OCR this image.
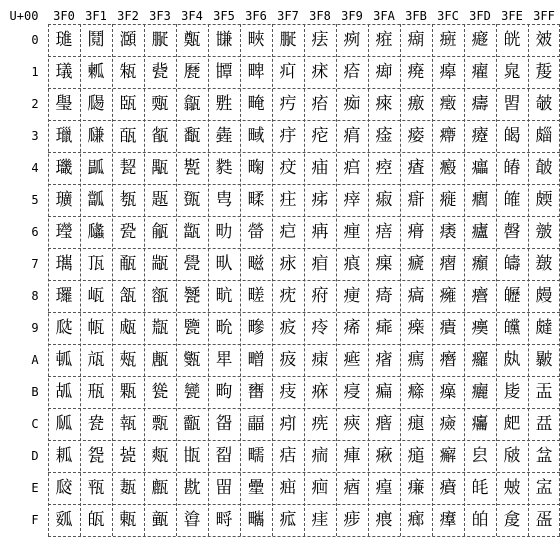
U+00	3F0 3F1 3F2 3F3 3F4 3F5 3F6 3F7 3F8 3F9 3FA 3FB 3FC 3FD 3FE 3FF
0
1
2
3
4
5
6
7
8
9
A
B
C
D
E
F
璡 鬩 㶊 㽰 㽀 㽐 㽠 㽰 㾀 㾐 㾠 㾰 㿀 㿐 㿠 㿰
㼁 㼑 㼡 㼱 㽁 㽑 㽡 㽱 㾁 㾑 㾡 㾱 㿁 㿑 㿡 㿱
㼂 㼒 㼢 㼲 㽂 㽒 㽢 㽲 㾂 㾒 㾢 㾲 㿂 㿒 㿢 㿲
㼃 㼓 㼣 㼳 㽃 㽓 㽣 㽳 㾃 㾓 㾣 㾳 㿃 㿓 㿣 㿳
㼄 㼔 㼤 㼴 㽄 㽔 㽤 㽴 㾄 㾔 㾤 㾴 㿄 㿔 㿤 㿴
㼅 㼕 㼥 㼵 㽅 㽕 㽥 㽵 㾅 㾕 㾥 㾵 㿅 㿕 㿥 㿵
㼆 㼖 㼦 㼶 㽆 㽖 㽦 㽶 㾆 㾖 㾦 㾶 㿆 㿖 㿦 㿶
㼇 㼗 㼧 㼷 㽇 㽗 㽧 㽷 㾇 㾗 㾧 㾷 㿇 㿗 㿧 㿷
㼈 㼘 㼨 㼸 㽈 㽘 㽨 㽸 㾈 㾘 㾨 㾸 㿈 㿘 㿨 㿸
㼉 㼙 㼩 㼹 㽉 㽙 㽩 㽹 㾉 㾙 㾩 㾹 㿉 㿙 㿩 㿹
㼊 㼚 㼪 㼺 㽊 㽚 㽪 㽺 㾊 㾚 㾪 㾺 㿊 㿚 㿪 㿺
㼋 㼛 㼫 㼻 㽋 㽛 㽫 㽻 㾋 㾛 㾫 㾻 㿋 㿛 㿫 㿻
㼌 㼜 㼬 㼼 㽌 㽜 㽬 㽼 㾌 㾜 㾬 㾼 㿌 㿜 㿬 㿼
㼍 㼝 㼭 㼽 㽍 㽝 㽭 㽽 㾍 㾝 㾭 㾽 㿍 㿝 㿭 㿽
㼎 㼞 㼮 㼾 㽎 㽞 㽮 㽾 㾎 㾞 㾮 㾾 㿎 㿞 㿮 㿾
㼏 㼟 㼯 㼿 㽏 㽟 㽯 㽿 㾏 㾟 㾯 㾿 㿏 㿟 㿯 㿿
